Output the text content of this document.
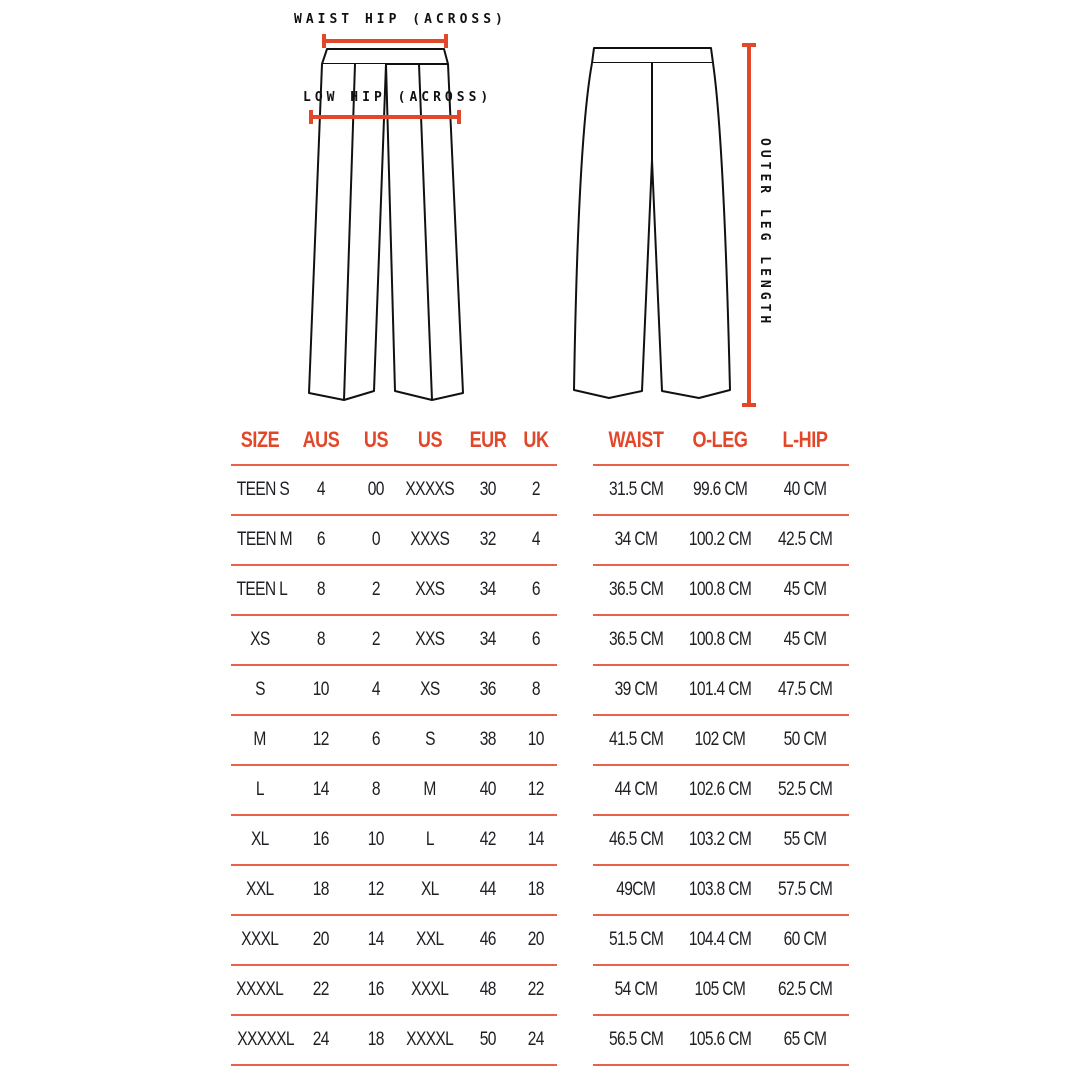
WAIST HIP (ACROSS)
LOW HIP (ACROSS)
OUTER LEG LENGTH
SIZE	AUS	US	US	EUR	UK
TEEN S	4	00	XXXXS	30	2
TEEN M	6	0	XXXS	32	4
TEEN L	8	2	XXS	34	6
XS	8	2	XXS	34	6
S	10	4	XS	36	8
M	12	6	S	38	10
L	14	8	M	40	12
XL	16	10	L	42	14
XXL	18	12	XL	44	18
XXXL	20	14	XXL	46	20
XXXXL	22	16	XXXL	48	22
XXXXXL	24	18	XXXXL	50	24
WAIST	O-LEG	L-HIP
31.5 CM	99.6 CM	40 CM
34 CM	100.2 CM	42.5 CM
36.5 CM	100.8 CM	45 CM
36.5 CM	100.8 CM	45 CM
39 CM	101.4 CM	47.5 CM
41.5 CM	102 CM	50 CM
44 CM	102.6 CM	52.5 CM
46.5 CM	103.2 CM	55 CM
49CM	103.8 CM	57.5 CM
51.5 CM	104.4 CM	60 CM
54 CM	105 CM	62.5 CM
56.5 CM	105.6 CM	65 CM
